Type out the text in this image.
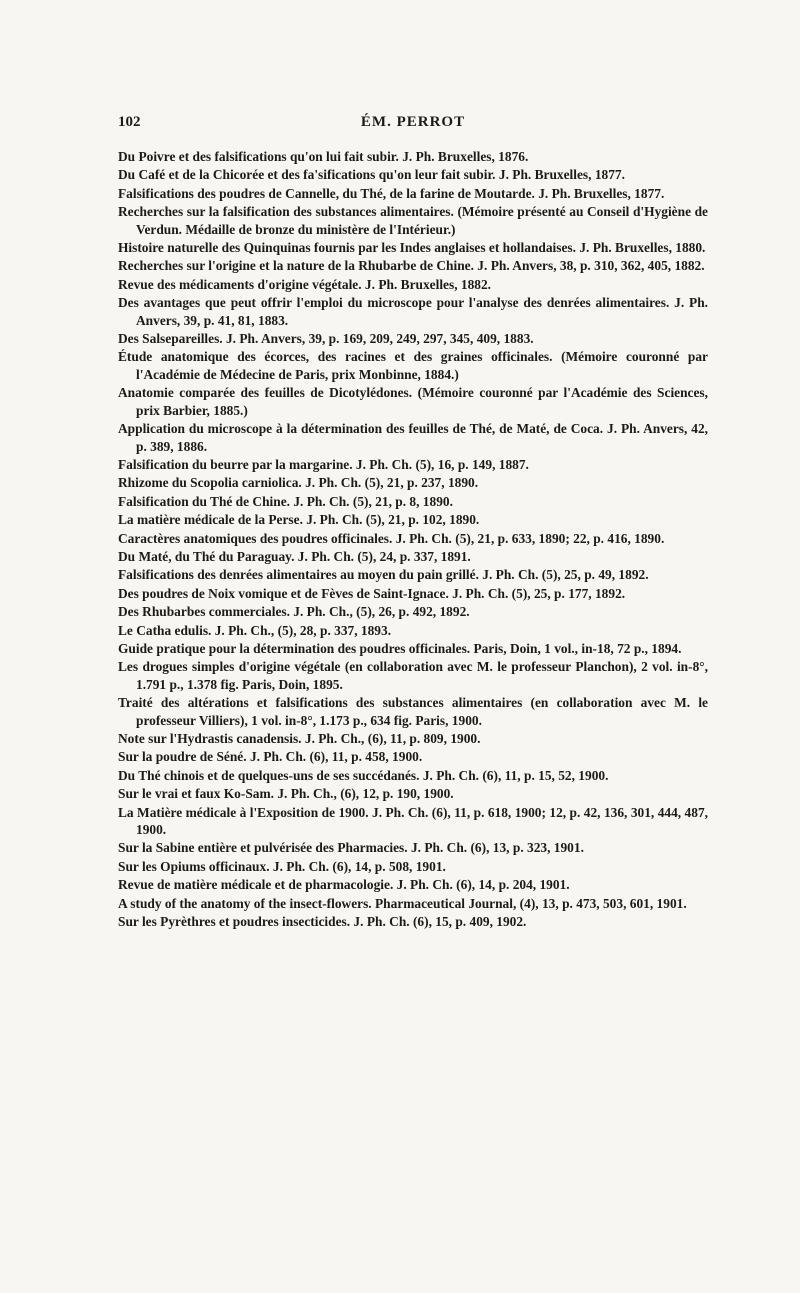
102	ÉM. PERROT

Du Poivre et des falsifications qu'on lui fait subir. J. Ph. Bruxelles, 1876.

Du Café et de la Chicorée et des fa'sifications qu'on leur fait subir. J. Ph. Bruxelles, 1877.

Falsifications des poudres de Cannelle, du Thé, de la farine de Moutarde. J. Ph. Bruxelles, 1877.

Recherches sur la falsification des substances alimentaires. (Mémoire présenté au Conseil d'Hygiène de Verdun. Médaille de bronze du ministère de l'Intérieur.)

Histoire naturelle des Quinquinas fournis par les Indes anglaises et hollandaises. J. Ph. Bruxelles, 1880.

Recherches sur l'origine et la nature de la Rhubarbe de Chine. J. Ph. Anvers, 38, p. 310, 362, 405, 1882.

Revue des médicaments d'origine végétale. J. Ph. Bruxelles, 1882.

Des avantages que peut offrir l'emploi du microscope pour l'analyse des denrées alimentaires. J. Ph. Anvers, 39, p. 41, 81, 1883.

Des Salsepareilles. J. Ph. Anvers, 39, p. 169, 209, 249, 297, 345, 409, 1883.

Étude anatomique des écorces, des racines et des graines officinales. (Mémoire couronné par l'Académie de Médecine de Paris, prix Monbinne, 1884.)

Anatomie comparée des feuilles de Dicotylédones. (Mémoire couronné par l'Académie des Sciences, prix Barbier, 1885.)

Application du microscope à la détermination des feuilles de Thé, de Maté, de Coca. J. Ph. Anvers, 42, p. 389, 1886.

Falsification du beurre par la margarine. J. Ph. Ch. (5), 16, p. 149, 1887.

Rhizome du Scopolia carniolica. J. Ph. Ch. (5), 21, p. 237, 1890.

Falsification du Thé de Chine. J. Ph. Ch. (5), 21, p. 8, 1890.

La matière médicale de la Perse. J. Ph. Ch. (5), 21, p. 102, 1890.

Caractères anatomiques des poudres officinales. J. Ph. Ch. (5), 21, p. 633, 1890; 22, p. 416, 1890.

Du Maté, du Thé du Paraguay. J. Ph. Ch. (5), 24, p. 337, 1891.

Falsifications des denrées alimentaires au moyen du pain grillé. J. Ph. Ch. (5), 25, p. 49, 1892.

Des poudres de Noix vomique et de Fèves de Saint-Ignace. J. Ph. Ch. (5), 25, p. 177, 1892.

Des Rhubarbes commerciales. J. Ph. Ch., (5), 26, p. 492, 1892.

Le Catha edulis. J. Ph. Ch., (5), 28, p. 337, 1893.

Guide pratique pour la détermination des poudres officinales. Paris, Doin, 1 vol., in-18, 72 p., 1894.

Les drogues simples d'origine végétale (en collaboration avec M. le professeur Planchon), 2 vol. in-8°, 1.791 p., 1.378 fig. Paris, Doin, 1895.

Traité des altérations et falsifications des substances alimentaires (en collaboration avec M. le professeur Villiers), 1 vol. in-8°, 1.173 p., 634 fig. Paris, 1900.

Note sur l'Hydrastis canadensis. J. Ph. Ch., (6), 11, p. 809, 1900.

Sur la poudre de Séné. J. Ph. Ch. (6), 11, p. 458, 1900.

Du Thé chinois et de quelques-uns de ses succédanés. J. Ph. Ch. (6), 11, p. 15, 52, 1900.

Sur le vrai et faux Ko-Sam. J. Ph. Ch., (6), 12, p. 190, 1900.

La Matière médicale à l'Exposition de 1900. J. Ph. Ch. (6), 11, p. 618, 1900; 12, p. 42, 136, 301, 444, 487, 1900.

Sur la Sabine entière et pulvérisée des Pharmacies. J. Ph. Ch. (6), 13, p. 323, 1901.

Sur les Opiums officinaux. J. Ph. Ch. (6), 14, p. 508, 1901.

Revue de matière médicale et de pharmacologie. J. Ph. Ch. (6), 14, p. 204, 1901.

A study of the anatomy of the insect-flowers. Pharmaceutical Journal, (4), 13, p. 473, 503, 601, 1901.

Sur les Pyrèthres et poudres insecticides. J. Ph. Ch. (6), 15, p. 409, 1902.
